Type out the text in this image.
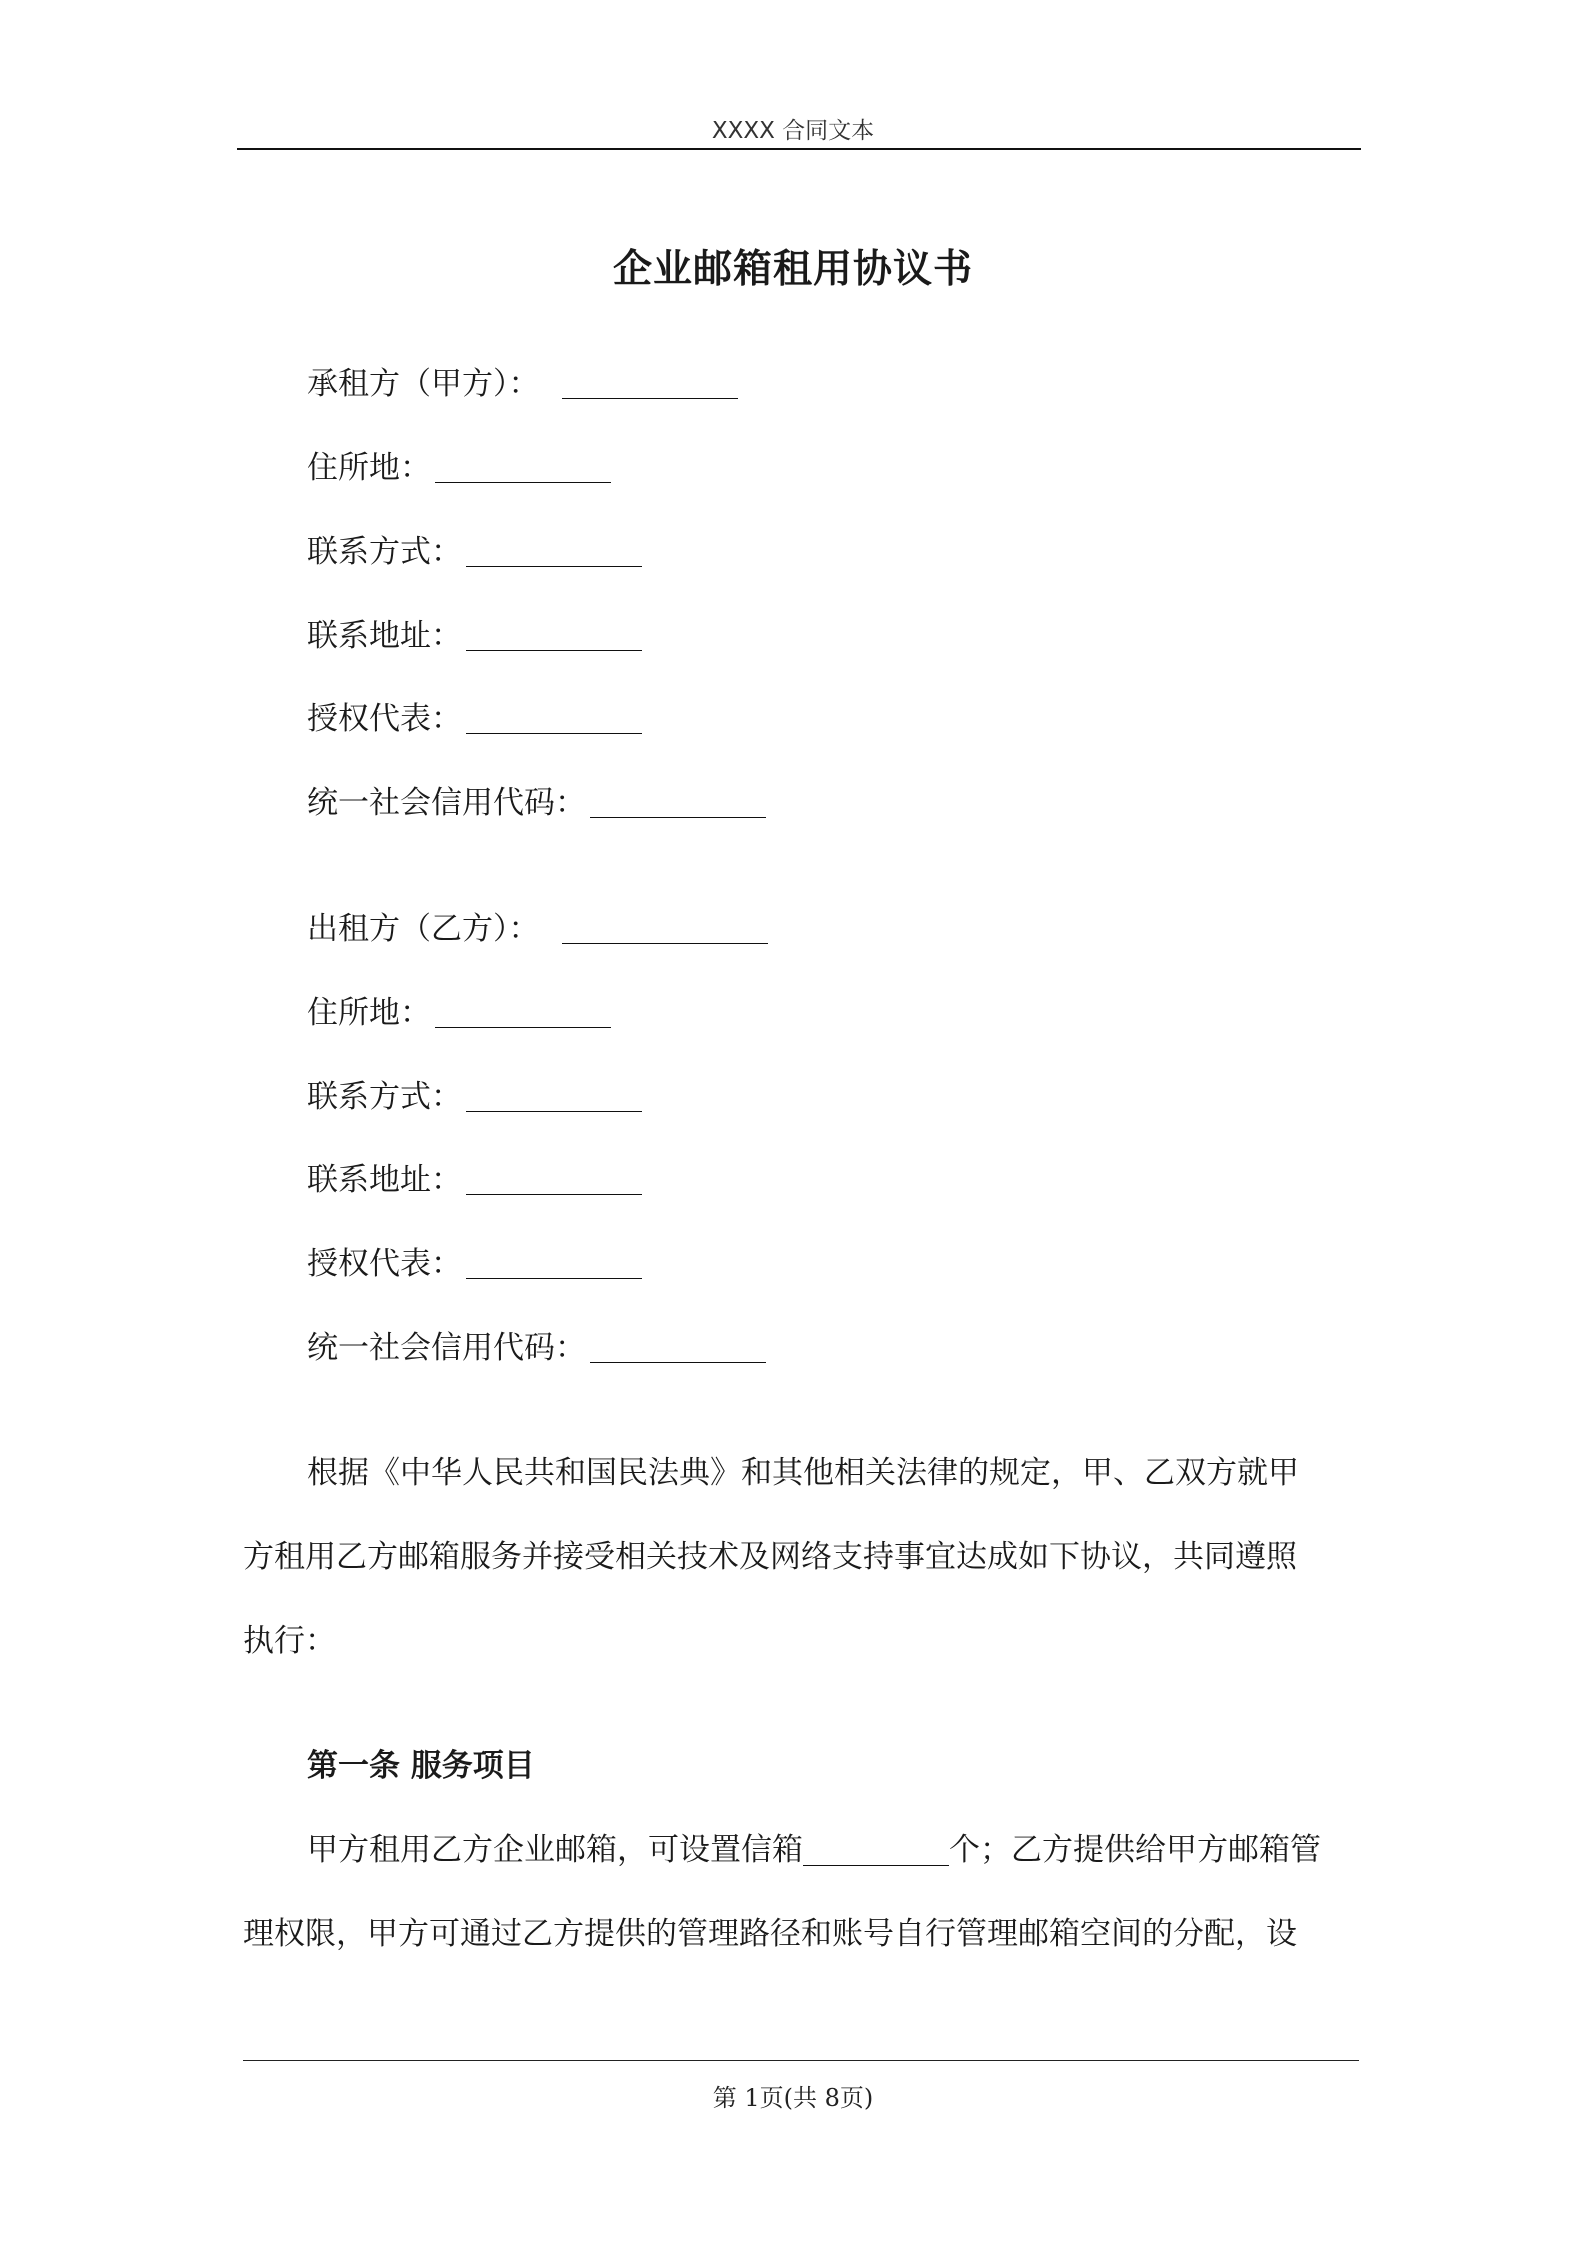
XXXX 合同文本
企业邮箱租用协议书
承租方（甲方）：
住所地：
联系方式：
联系地址：
授权代表：
统一社会信用代码：
出租方（乙方）：
住所地：
联系方式：
联系地址：
授权代表：
统一社会信用代码：
根据《中华人民共和国民法典》和其他相关法律的规定，甲、乙双方就甲
方租用乙方邮箱服务并接受相关技术及网络支持事宜达成如下协议，共同遵照
执行：
第一条 服务项目
甲方租用乙方企业邮箱，可设置信箱	个；乙方提供给甲方邮箱管
理权限，甲方可通过乙方提供的管理路径和账号自行管理邮箱空间的分配，设
第 1页(共 8页)
